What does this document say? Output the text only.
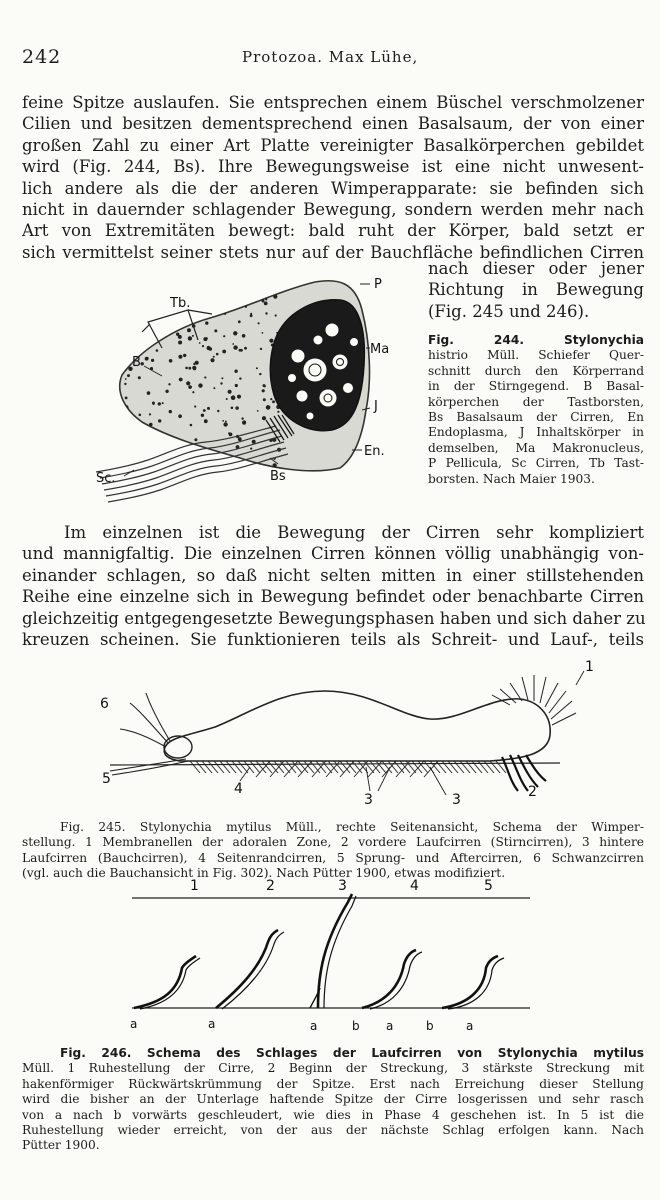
242	Protozoa. Max Lühe,
feine Spitze auslaufen. Sie entsprechen einem Büschel verschmolzener
Cilien und besitzen dementsprechend einen Basalsaum, der von einer
großen Zahl zu einer Art Platte vereinigter Basalkörperchen gebildet
wird (Fig. 244, Bs). Ihre Bewegungsweise ist eine nicht unwesent-
lich andere als die der anderen Wimperapparate: sie befinden sich
nicht in dauernder schlagender Bewegung, sondern werden mehr nach
Art von Extremitäten bewegt: bald ruht der Körper, bald setzt er
sich vermittelst seiner stets nur auf der Bauchfläche befindlichen Cirren
nach dieser oder jener
Richtung in Bewegung
(Fig. 245 und 246).
P
Tb.
Ma
B
J
En.
Sc.	Bs
Fig. 244. Stylonychia
histrio Müll. Schiefer Quer-
schnitt durch den Körperrand
in der Stirngegend. B Basal-
körperchen der Tastborsten,
Bs Basalsaum der Cirren, En
Endoplasma, J Inhaltskörper in
demselben, Ma Makronucleus,
P Pellicula, Sc Cirren, Tb Tast-
borsten. Nach Maier 1903.
Im einzelnen ist die Bewegung der Cirren sehr kompliziert
und mannigfaltig. Die einzelnen Cirren können völlig unabhängig von-
einander schlagen, so daß nicht selten mitten in einer stillstehenden
Reihe eine einzelne sich in Bewegung befindet oder benachbarte Cirren
gleichzeitig entgegengesetzte Bewegungsphasen haben und sich daher zu
kreuzen scheinen. Sie funktionieren teils als Schreit- und Lauf-, teils
1
6
5
4
3	3	2
Fig. 245. Stylonychia mytilus Müll., rechte Seitenansicht, Schema der Wimper-
stellung. 1 Membranellen der adoralen Zone, 2 vordere Laufcirren (Stirncirren), 3 hintere
Laufcirren (Bauchcirren), 4 Seitenrandcirren, 5 Sprung- und Aftercirren, 6 Schwanzcirren
(vgl. auch die Bauchansicht in Fig. 302). Nach Pütter 1900, etwas modifiziert.
1	2	3	4	5
a	a	a	b a	b	a
Fig. 246. Schema des Schlages der Laufcirren von Stylonychia mytilus
Müll. 1 Ruhestellung der Cirre, 2 Beginn der Streckung, 3 stärkste Streckung mit
hakenförmiger Rückwärtskrümmung der Spitze. Erst nach Erreichung dieser Stellung
wird die bisher an der Unterlage haftende Spitze der Cirre losgerissen und sehr rasch
von a nach b vorwärts geschleudert, wie dies in Phase 4 geschehen ist. In 5 ist die
Ruhestellung wieder erreicht, von der aus der nächste Schlag erfolgen kann. Nach
Pütter 1900.
